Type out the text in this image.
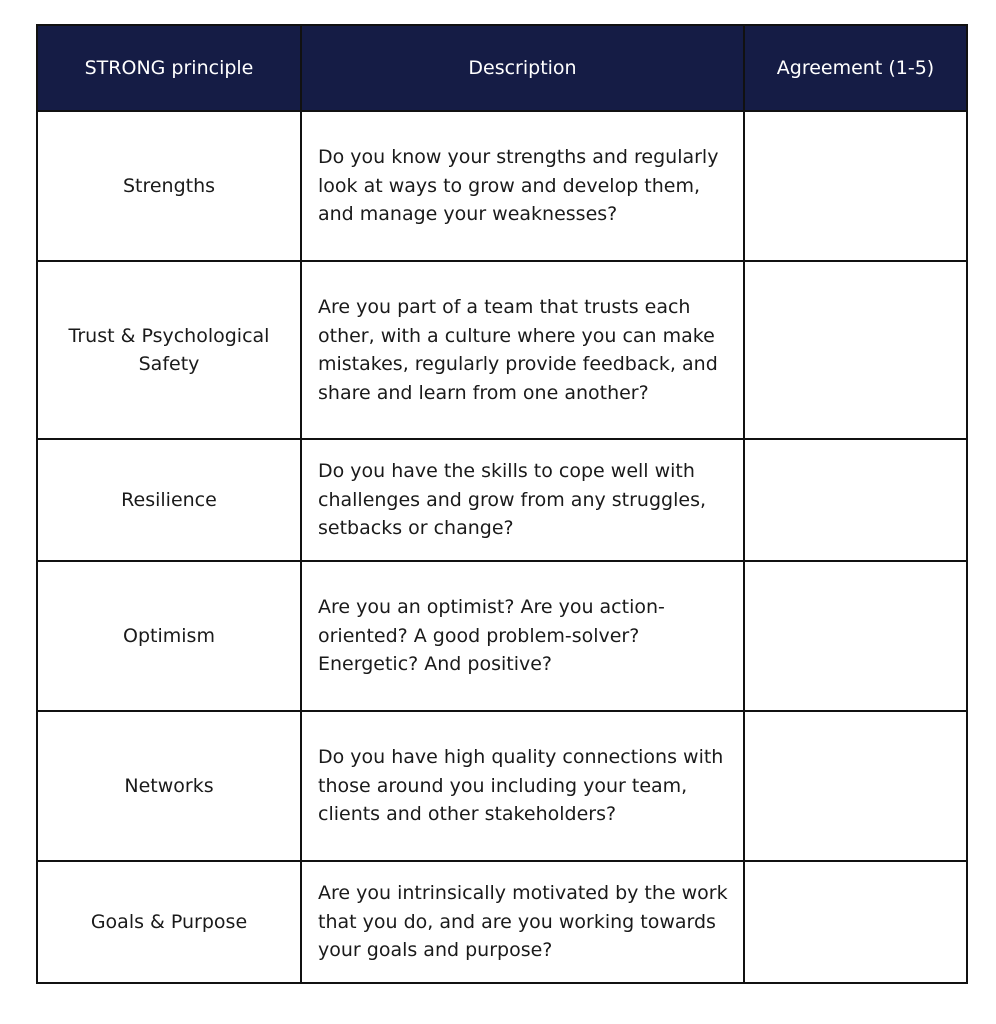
STRONG principle	Description	Agreement (1-5)
Strengths	Do you know your strengths and regularly look at ways to grow and develop them, and manage your weaknesses?	
Trust & Psychological Safety	Are you part of a team that trusts each other, with a culture where you can make mistakes, regularly provide feedback, and share and learn from one another?	
Resilience	Do you have the skills to cope well with challenges and grow from any struggles, setbacks or change?	
Optimism	Are you an optimist? Are you action-oriented? A good problem-solver? Energetic? And positive?	
Networks	Do you have high quality connections with those around you including your team, clients and other stakeholders?	
Goals & Purpose	Are you intrinsically motivated by the work that you do, and are you working towards your goals and purpose?	
